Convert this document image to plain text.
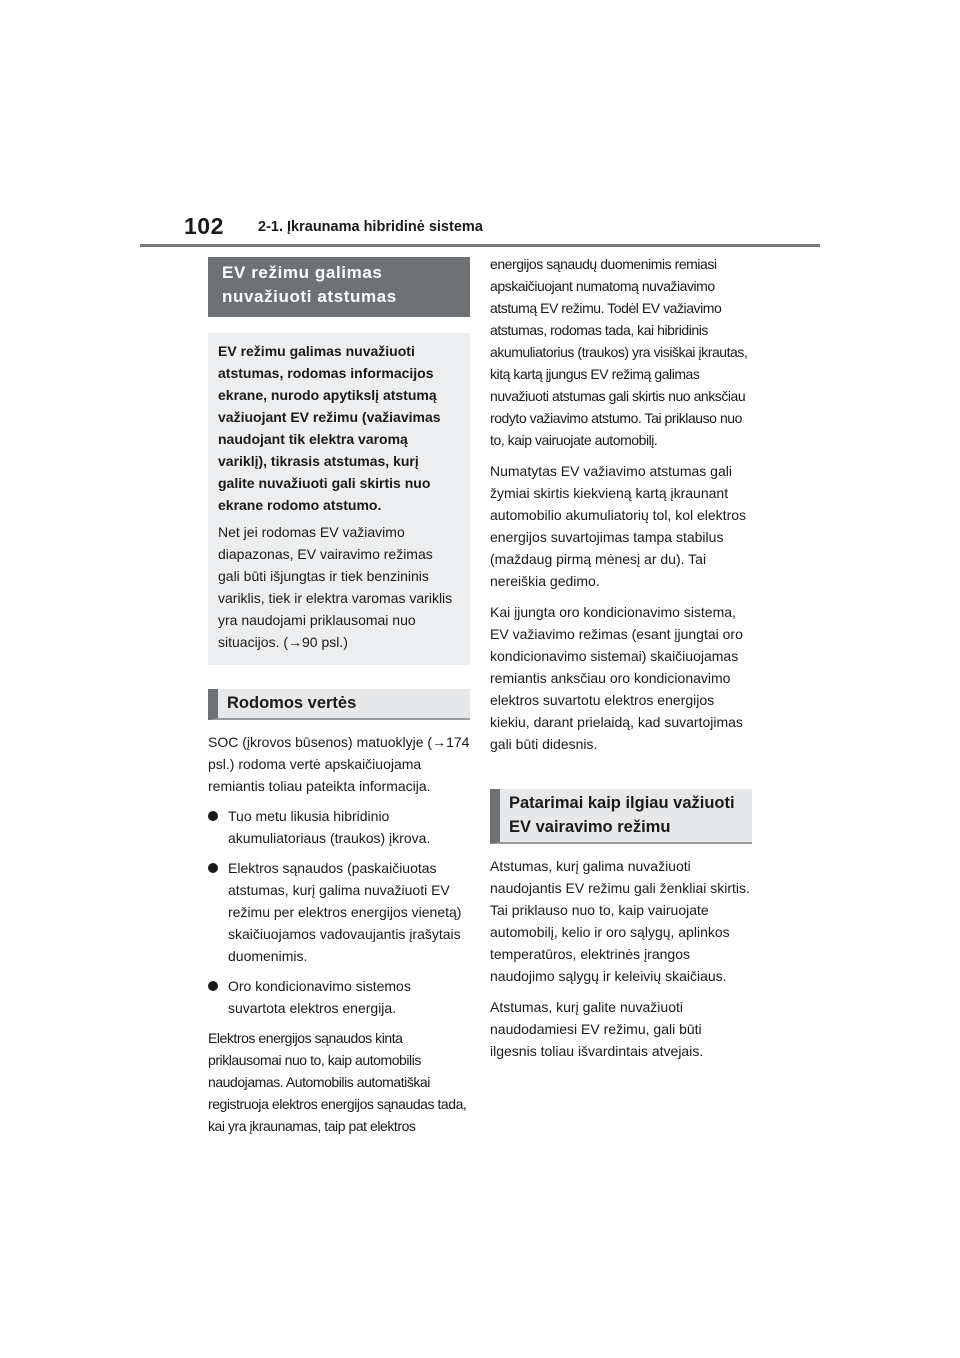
102 2-1. Įkraunama hibridinė sistema
EV režimu galimas nuvažiuoti atstumas

EV režimu galimas nuvažiuoti atstumas, rodomas informacijos ekrane, nurodo apytikslį atstumą važiuojant EV režimu (važiavimas naudojant tik elektra varomą variklį), tikrasis atstumas, kurį galite nuvažiuoti gali skirtis nuo ekrane rodomo atstumo.

Net jei rodomas EV važiavimo diapazonas, EV vairavimo režimas gali būti išjungtas ir tiek benzininis variklis, tiek ir elektra varomas variklis yra naudojami priklausomai nuo situacijos. (→90 psl.)

Rodomos vertės

SOC (įkrovos būsenos) matuoklyje (→174 psl.) rodoma vertė apskaičiuojama remiantis toliau pateikta informacija.

Tuo metu likusia hibridinio akumuliatoriaus (traukos) įkrova.
Elektros sąnaudos (paskaičiuotas atstumas, kurį galima nuvažiuoti EV režimu per elektros energijos vienetą) skaičiuojamos vadovaujantis įrašytais duomenimis.
Oro kondicionavimo sistemos suvartota elektros energija.

Elektros energijos sąnaudos kinta priklausomai nuo to, kaip automobilis naudojamas. Automobilis automatiškai registruoja elektros energijos sąnaudas tada, kai yra įkraunamas, taip pat elektros

energijos sąnaudų duomenimis remiasi apskaičiuojant numatomą nuvažiavimo atstumą EV režimu. Todėl EV važiavimo atstumas, rodomas tada, kai hibridinis akumuliatorius (traukos) yra visiškai įkrautas, kitą kartą įjungus EV režimą galimas nuvažiuoti atstumas gali skirtis nuo anksčiau rodyto važiavimo atstumo. Tai priklauso nuo to, kaip vairuojate automobilį.

Numatytas EV važiavimo atstumas gali žymiai skirtis kiekvieną kartą įkraunant automobilio akumuliatorių tol, kol elektros energijos suvartojimas tampa stabilus (maždaug pirmą mėnesį ar du). Tai nereiškia gedimo.

Kai įjungta oro kondicionavimo sistema, EV važiavimo režimas (esant įjungtai oro kondicionavimo sistemai) skaičiuojamas remiantis anksčiau oro kondicionavimo elektros suvartotu elektros energijos kiekiu, darant prielaidą, kad suvartojimas gali būti didesnis.

Patarimai kaip ilgiau važiuoti EV vairavimo režimu

Atstumas, kurį galima nuvažiuoti naudojantis EV režimu gali ženkliai skirtis. Tai priklauso nuo to, kaip vairuojate automobilį, kelio ir oro sąlygų, aplinkos temperatūros, elektrinės įrangos naudojimo sąlygų ir keleivių skaičiaus.

Atstumas, kurį galite nuvažiuoti naudodamiesi EV režimu, gali būti ilgesnis toliau išvardintais atvejais.
